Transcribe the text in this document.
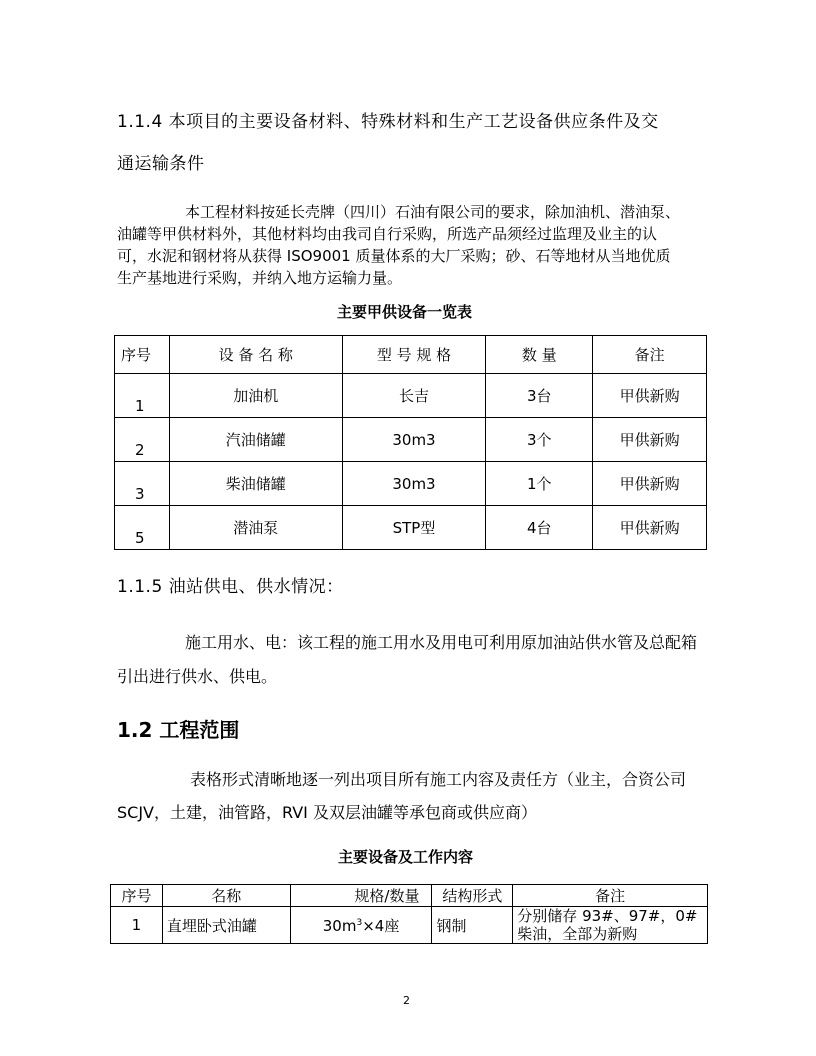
1.1.4 本项目的主要设备材料、特殊材料和生产工艺设备供应条件及交
通运输条件
本工程材料按延长壳牌（四川）石油有限公司的要求，除加油机、潜油泵、
油罐等甲供材料外，其他材料均由我司自行采购，所选产品须经过监理及业主的认
可，水泥和钢材将从获得 ISO9001 质量体系的大厂采购；砂、石等地材从当地优质
生产基地进行采购，并纳入地方运输力量。
主要甲供设备一览表
序号	设 备 名 称	型 号 规 格	数 量	备注
1	加油机	长吉	3台	甲供新购
2	汽油储罐	30m3	3个	甲供新购
3	柴油储罐	30m3	1个	甲供新购
5	潜油泵	STP型	4台	甲供新购
1.1.5 油站供电、供水情况：
施工用水、电：该工程的施工用水及用电可利用原加油站供水管及总配箱
引出进行供水、供电。
1.2 工程范围
表格形式清晰地逐一列出项目所有施工内容及责任方（业主，合资公司
SCJV，土建，油管路，RVI 及双层油罐等承包商或供应商）
主要设备及工作内容
序号	名称	规格/数量	结构形式	备注
1	直埋卧式油罐	$30m^3\times 4$座	钢制	分别储存 93#、97#，0#
柴油，全部为新购
2
